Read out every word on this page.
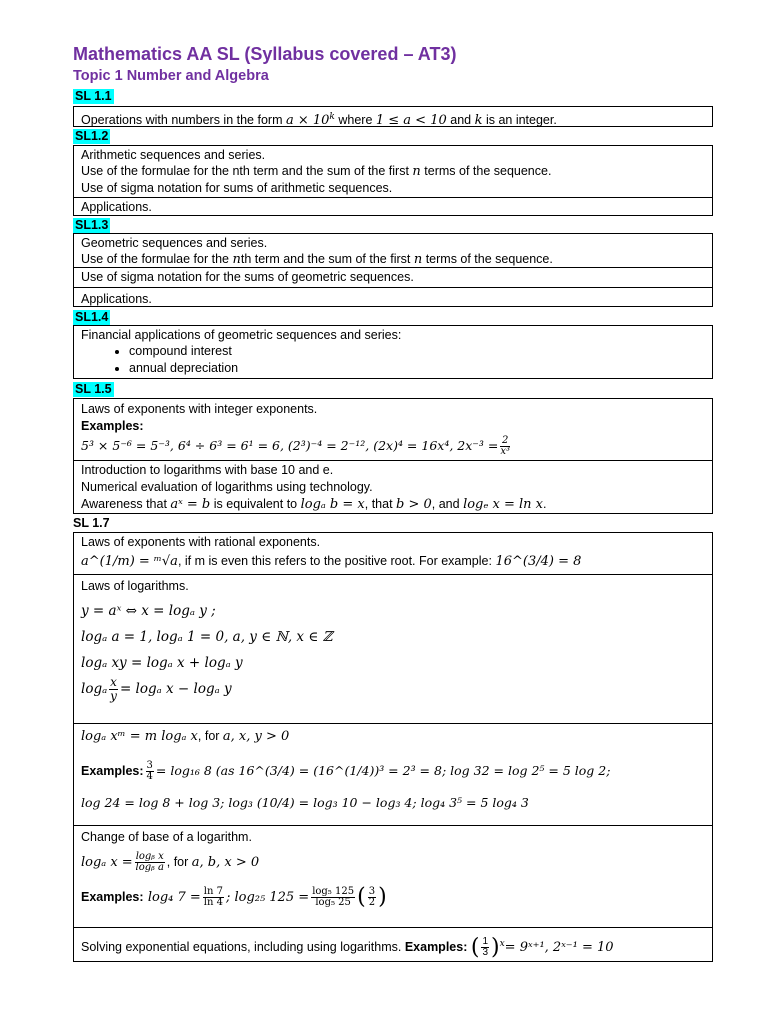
Mathematics AA SL (Syllabus covered – AT3)
Topic 1 Number and Algebra
SL 1.1
Operations with numbers in the form $a \times 10^k$ where 1 ≤ a < 10 and k is an integer.
SL1.2
Arithmetic sequences and series.
Use of the formulae for the nth term and the sum of the first n terms of the sequence.
Use of sigma notation for sums of arithmetic sequences.
Applications.
SL1.3
Geometric sequences and series.
Use of the formulae for the nth term and the sum of the first n terms of the sequence.
Use of sigma notation for the sums of geometric sequences.
Applications.
SL1.4
Financial applications of geometric sequences and series:
• compound interest
• annual depreciation
SL 1.5
Laws of exponents with integer exponents.
Examples:
5³ × 5⁻⁶ = 5⁻³, 6⁴ ÷ 6³ = 6¹ = 6, (2³)⁻⁴ = 2⁻¹², (2x)⁴ = 16x⁴, $2x^{-3} = \frac{2}{\text{x³}}$
Introduction to logarithms with base 10 and e.
Numerical evaluation of logarithms using technology.
Awareness that aˣ = b is equivalent to logₐ b = x, that b > 0, and logₑ x = ln x.
SL 1.7
Laws of exponents with rational exponents.
a^(1/m) = ᵐ√a, if m is even this refers to the positive root. For example: 16^(3/4) = 8
Laws of logarithms.
y = aˣ ⇔ x = logₐ y ;
logₐ a = 1, logₐ 1 = 0, a, y ∈ ℕ, x ∈ ℤ
logₐ xy = logₐ x + logₐ y
logₐ $\frac{x}{y} = \log_a$ x − logₐ y
logₐ xᵐ = m logₐ x, for a, x, y > 0
Examples: $\frac{3}{4} = \log_{16}$ 8 (as 16^(3/4) = (16^(1/4))³ = 2³ = 8; log 32 = log 2⁵ = 5 log 2;
log 24 = log 8 + log 3; log₃ (10/4) = log₃ 10 − log₃ 4; log₄ 3⁵ = 5 log₄ 3
Change of base of a logarithm.
logₐ $x = \frac{\text{logᵦ x}}{\text{logᵦ a}}$ , for a, b, x > 0
Examples: log₄ $7 = \frac{\ln 7}{\ln 4}$ ; log₂₅ $125 = \frac{\text{log₅ 125}}{\text{log₅ 25}}$ ( $\frac{3}{2}$ )
Solving exponential equations, including using logarithms. Examples: ( $\frac{1}{3} )^x=$ 9ˣ⁺¹, 2ˣ⁻¹ = 10
